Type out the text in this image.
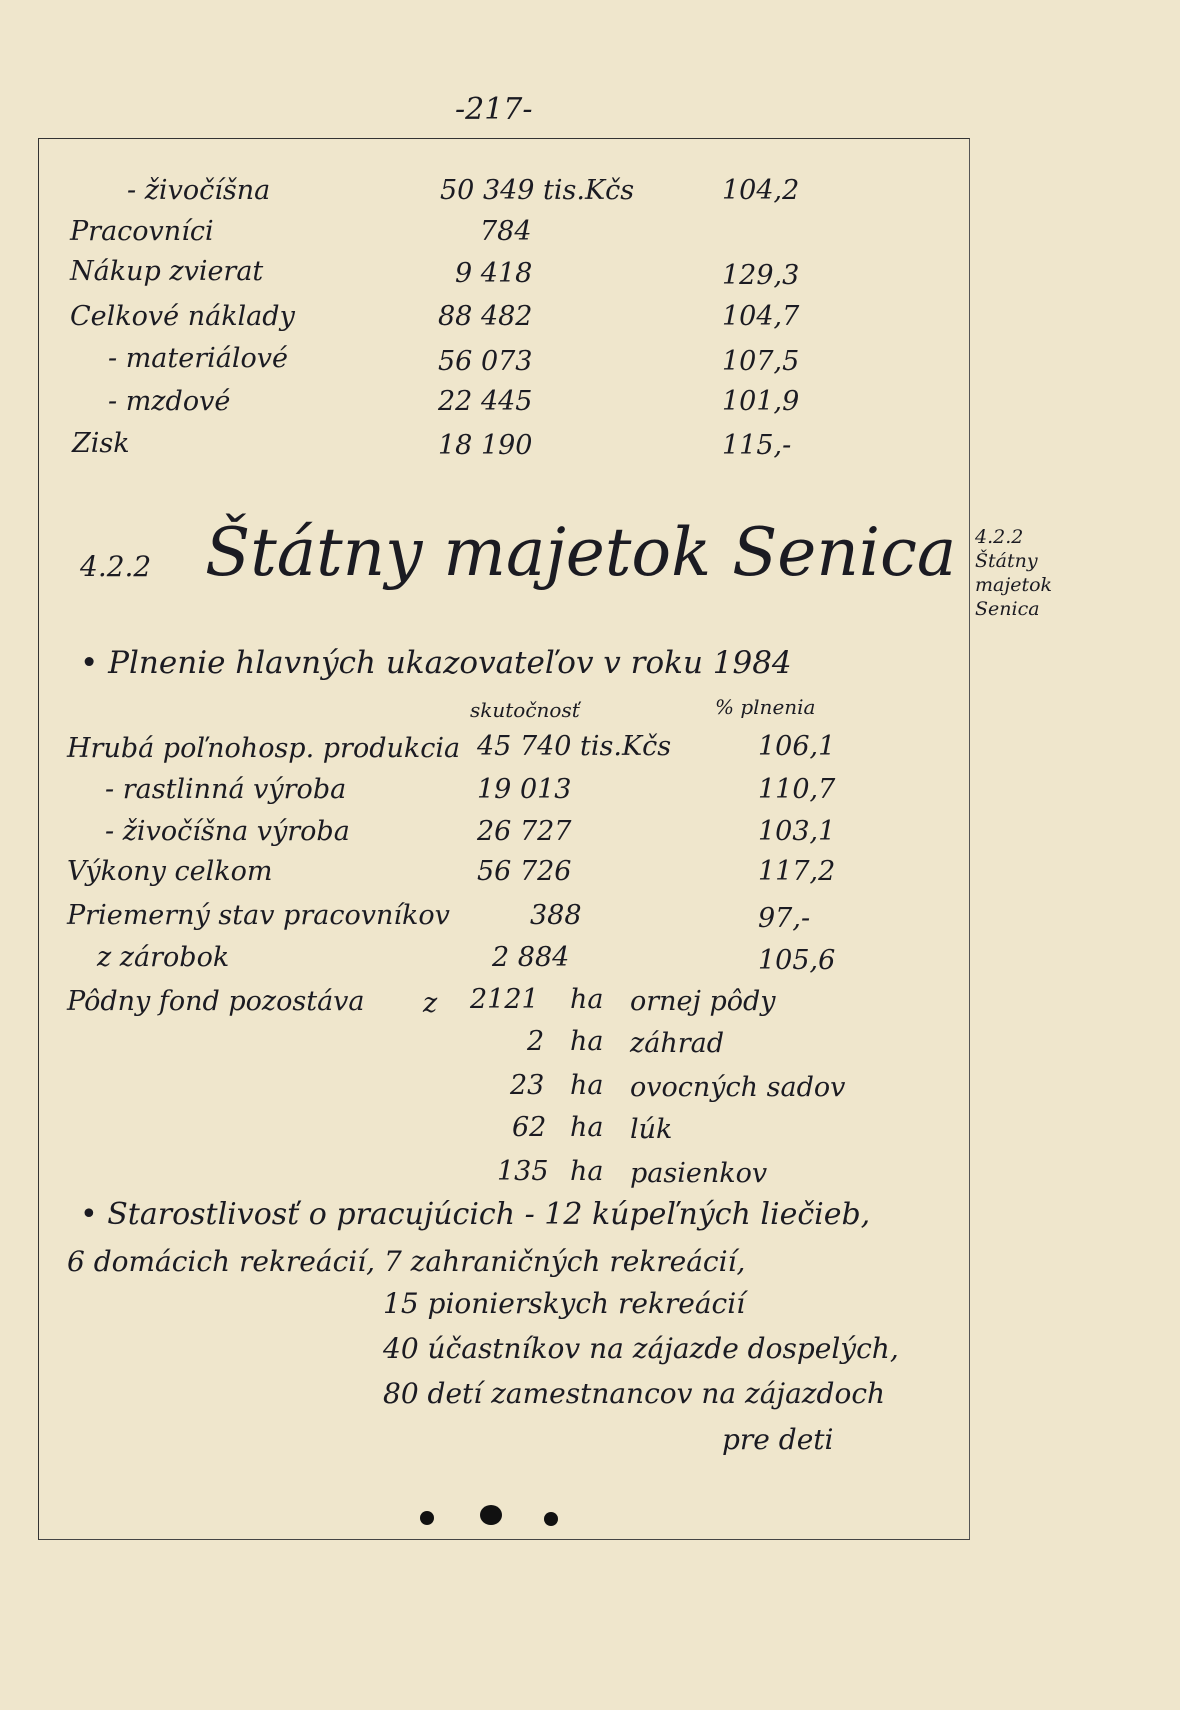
-217-
- živočíšna	50 349 tis.Kčs	104,2
Pracovníci	784
Nákup zvierat	9 418	129,3
Celkové náklady	88 482	104,7
- materiálové	56 073	107,5
- mzdové	22 445	101,9
Zisk	18 190	115,-
4.2.2 Štátny majetok Senica 4.2.2
Štátny
majetok
Senica
• Plnenie hlavných ukazovateľov v roku 1984
skutočnosť	% plnenia
Hrubá poľnohosp. produkcia 45 740 tis.Kčs	106,1
- rastlinná výroba	19 013	110,7
- živočíšna výroba	26 727	103,1
Výkony celkom	56 726	117,2
Priemerný stav pracovníkov	388	97,-
z zárobok	2 884	105,6
Pôdny fond pozostáva z 2121 ha ornej pôdy
2 ha záhrad
23 ha ovocných sadov
62 ha lúk
135 ha pasienkov
• Starostlivosť o pracujúcich - 12 kúpeľných liečieb,
6 domácich rekreácií, 7 zahraničných rekreácií,
15 pionierskych rekreácií
40 účastníkov na zájazde dospelých,
80 detí zamestnancov na zájazdoch
pre deti
